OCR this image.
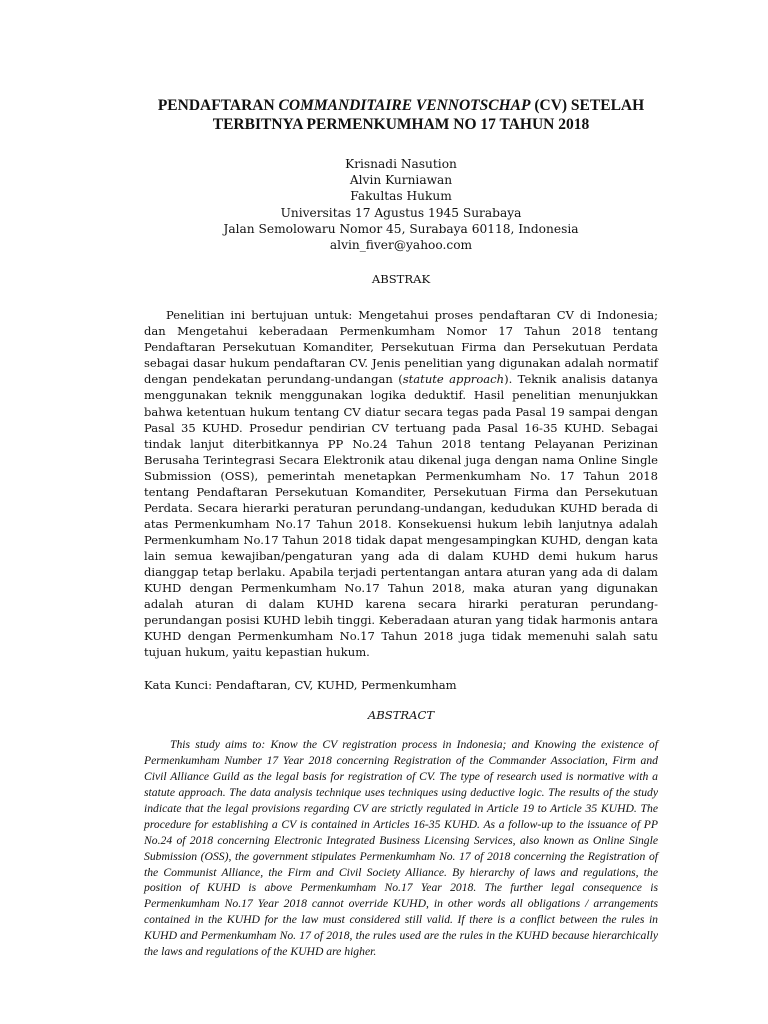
PENDAFTARAN COMMANDITAIRE VENNOTSCHAP (CV) SETELAH TERBITNYA PERMENKUMHAM NO 17 TAHUN 2018
Krisnadi Nasution
Alvin Kurniawan
Fakultas Hukum
Universitas 17 Agustus 1945 Surabaya
Jalan Semolowaru Nomor 45, Surabaya 60118, Indonesia
alvin_fiver@yahoo.com
ABSTRAK

Penelitian ini bertujuan untuk: Mengetahui proses pendaftaran CV di Indonesia; dan Mengetahui keberadaan Permenkumham Nomor 17 Tahun 2018 tentang Pendaftaran Persekutuan Komanditer, Persekutuan Firma dan Persekutuan Perdata sebagai dasar hukum pendaftaran CV. Jenis penelitian yang digunakan adalah normatif dengan pendekatan perundang-undangan (statute approach). Teknik analisis datanya menggunakan teknik menggunakan logika deduktif. Hasil penelitian menunjukkan bahwa ketentuan hukum tentang CV diatur secara tegas pada Pasal 19 sampai dengan Pasal 35 KUHD. Prosedur pendirian CV tertuang pada Pasal 16-35 KUHD. Sebagai tindak lanjut diterbitkannya PP No.24 Tahun 2018 tentang Pelayanan Perizinan Berusaha Terintegrasi Secara Elektronik atau dikenal juga dengan nama Online Single Submission (OSS), pemerintah menetapkan Permenkumham No. 17 Tahun 2018 tentang Pendaftaran Persekutuan Komanditer, Persekutuan Firma dan Persekutuan Perdata. Secara hierarki peraturan perundang-undangan, kedudukan KUHD berada di atas Permenkumham No.17 Tahun 2018. Konsekuensi hukum lebih lanjutnya adalah Permenkumham No.17 Tahun 2018 tidak dapat mengesampingkan KUHD, dengan kata lain semua kewajiban/pengaturan yang ada di dalam KUHD demi hukum harus dianggap tetap berlaku. Apabila terjadi pertentangan antara aturan yang ada di dalam KUHD dengan Permenkumham No.17 Tahun 2018, maka aturan yang digunakan adalah aturan di dalam KUHD karena secara hirarki peraturan perundang-perundangan posisi KUHD lebih tinggi. Keberadaan aturan yang tidak harmonis antara KUHD dengan Permenkumham No.17 Tahun 2018 juga tidak memenuhi salah satu tujuan hukum, yaitu kepastian hukum.

Kata Kunci: Pendaftaran, CV, KUHD, Permenkumham
ABSTRACT

This study aims to: Know the CV registration process in Indonesia; and Knowing the existence of Permenkumham Number 17 Year 2018 concerning Registration of the Commander Association, Firm and Civil Alliance Guild as the legal basis for registration of CV. The type of research used is normative with a statute approach. The data analysis technique uses techniques using deductive logic. The results of the study indicate that the legal provisions regarding CV are strictly regulated in Article 19 to Article 35 KUHD. The procedure for establishing a CV is contained in Articles 16-35 KUHD. As a follow-up to the issuance of PP No.24 of 2018 concerning Electronic Integrated Business Licensing Services, also known as Online Single Submission (OSS), the government stipulates Permenkumham No. 17 of 2018 concerning the Registration of the Communist Alliance, the Firm and Civil Society Alliance. By hierarchy of laws and regulations, the position of KUHD is above Permenkumham No.17 Year 2018. The further legal consequence is Permenkumham No.17 Year 2018 cannot override KUHD, in other words all obligations / arrangements contained in the KUHD for the law must considered still valid. If there is a conflict between the rules in KUHD and Permenkumham No. 17 of 2018, the rules used are the rules in the KUHD because hierarchically the laws and regulations of the KUHD are higher.
